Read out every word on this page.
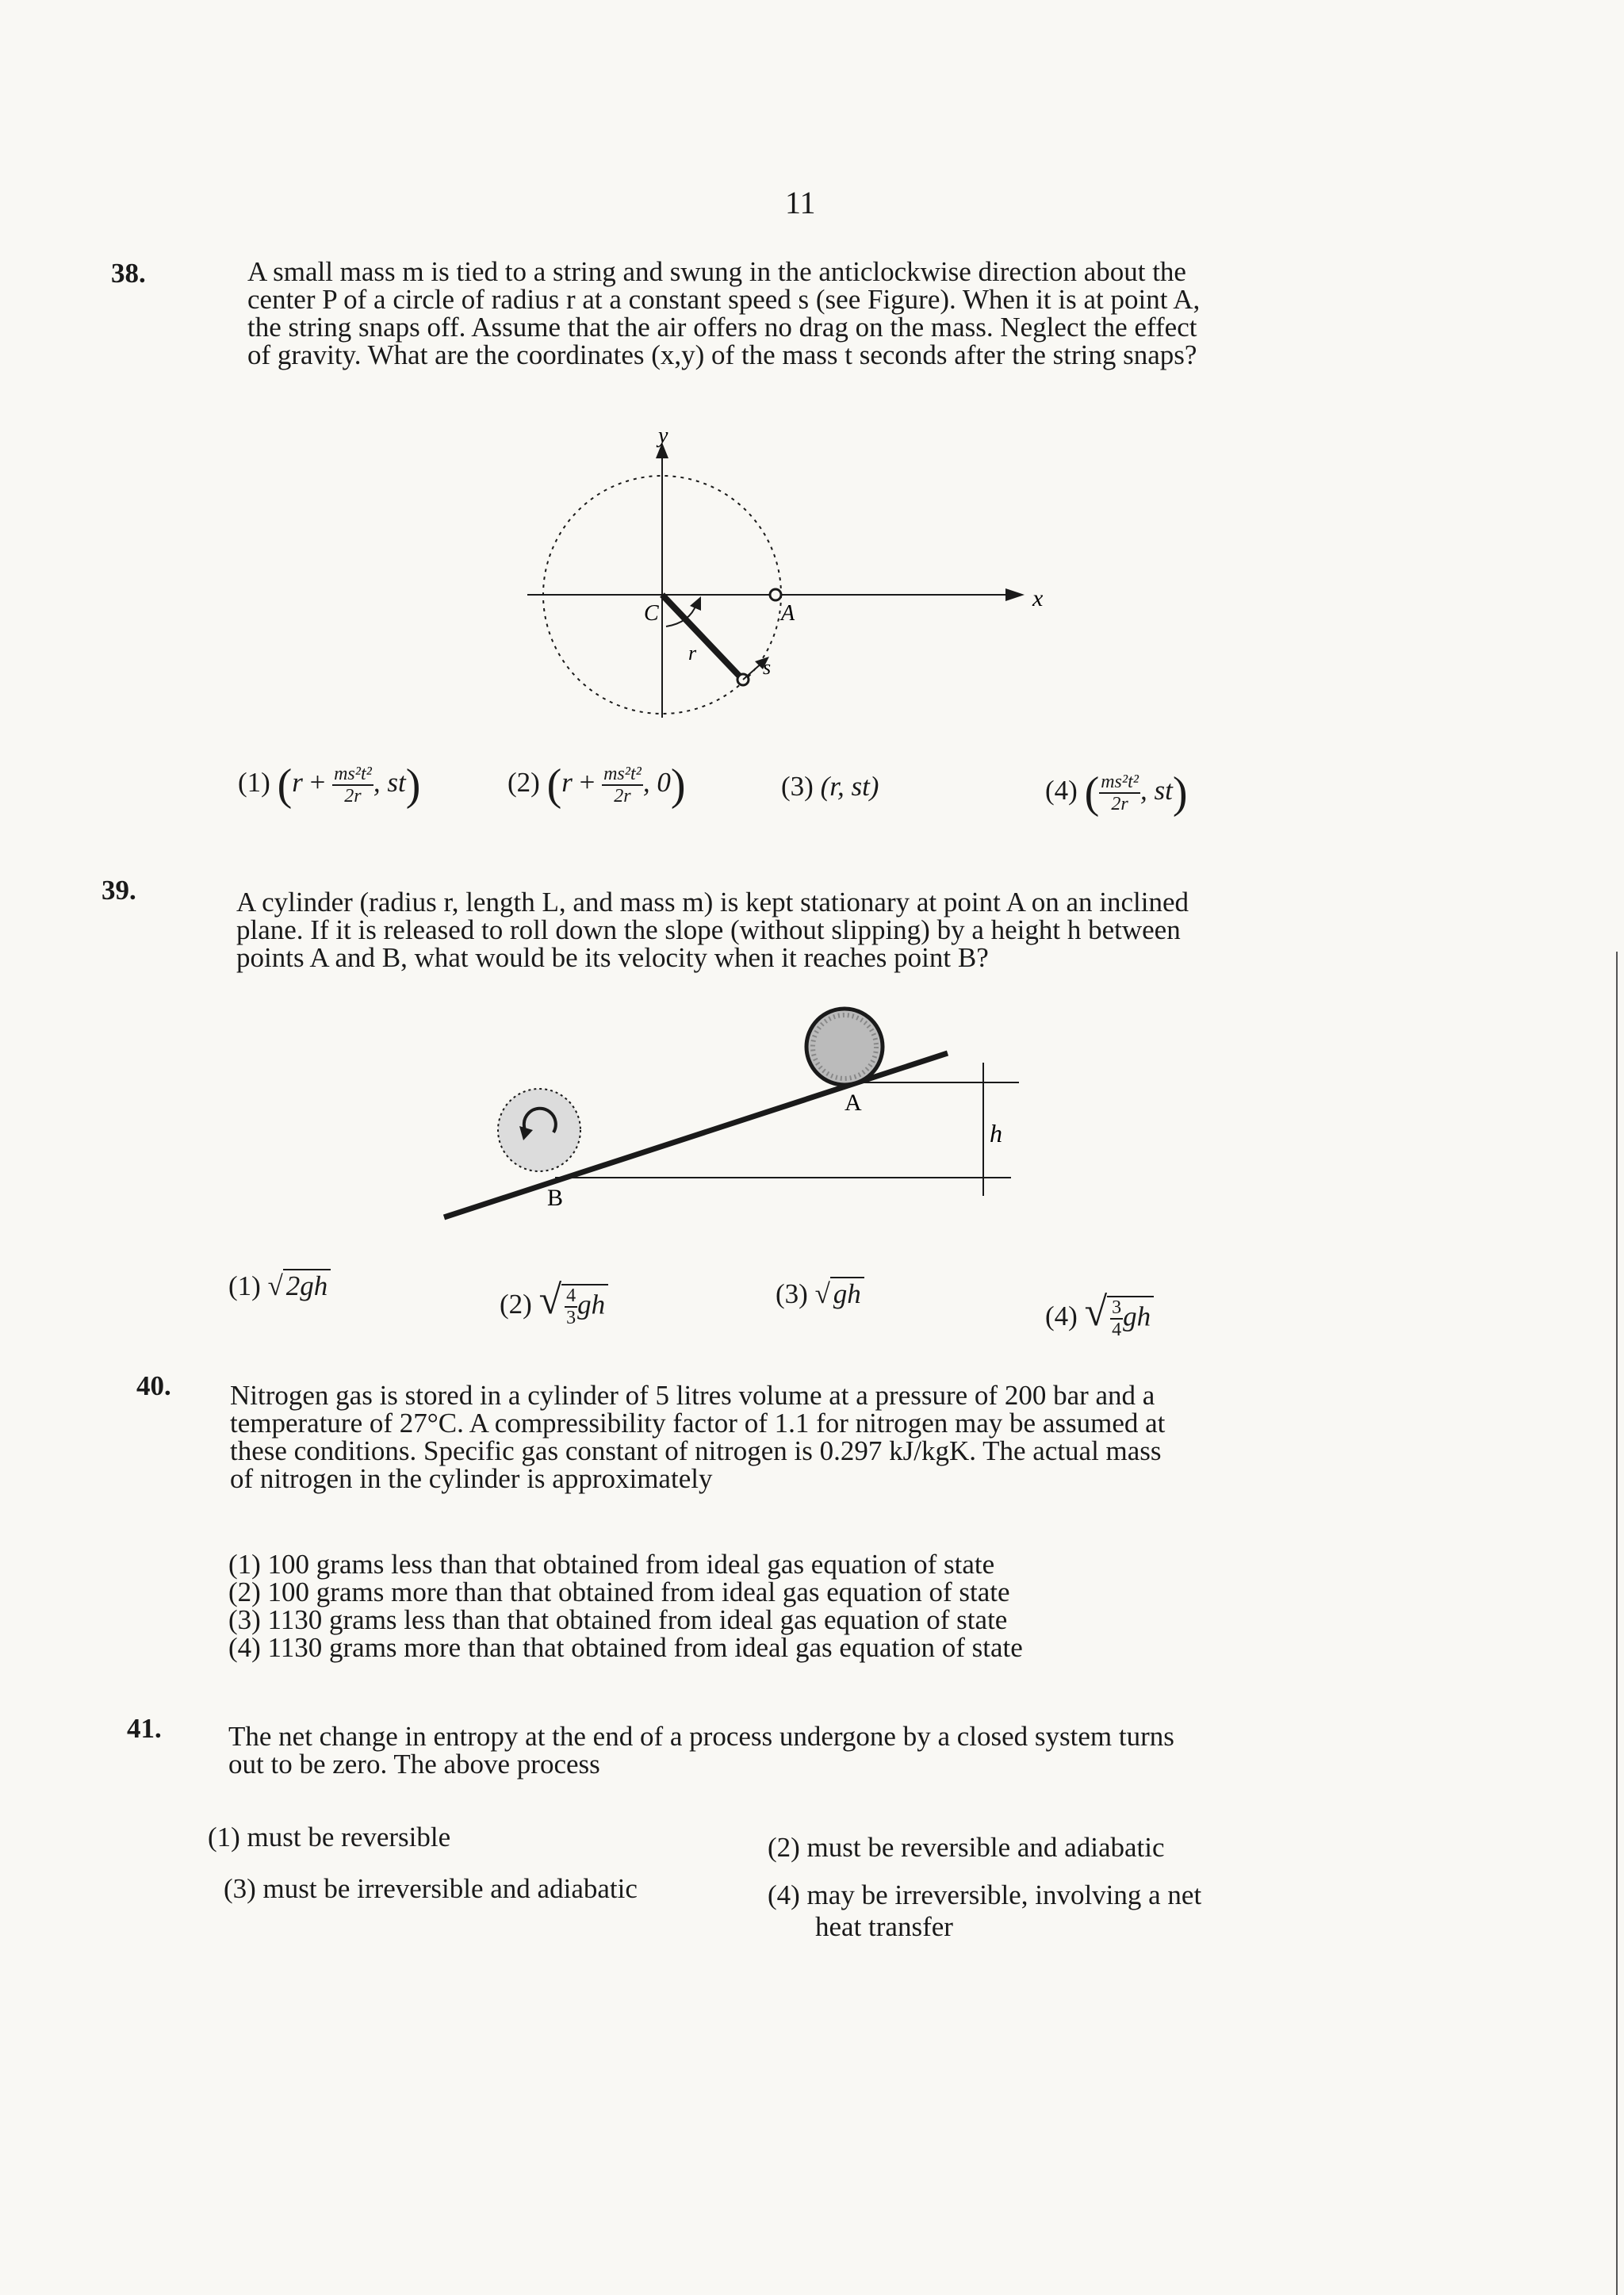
11
38.	A small mass m is tied to a string and swung in the anticlockwise direction about the
center P of a circle of radius r at a constant speed s (see Figure). When it is at point A,
the string snaps off. Assume that the air offers no drag on the mass. Neglect the effect
of gravity. What are the coordinates (x,y) of the mass t seconds after the string snaps?
y
x
C	A
r
s
(1) ($r + \frac{\text{ms²t²}}{2r}$ , st)	(2) ($r + \frac{\text{ms²t²}}{2r}$ , 0)	(3) (r, st)	(4) ( $\frac{\text{ms²t²}}{2r}$ , st)
39.	A cylinder (radius r, length L, and mass m) is kept stationary at point A on an inclined
plane. If it is released to roll down the slope (without slipping) by a height h between
points A and B, what would be its velocity when it reaches point B?
h
A
B
(1) √ 2gh
(2) √ $\frac{4}{3}$ gh	(3) √ gh
(4) √ $\frac{3}{4}$ gh
40. Nitrogen gas is stored in a cylinder of 5 litres volume at a pressure of 200 bar and a
temperature of 27°C. A compressibility factor of 1.1 for nitrogen may be assumed at
these conditions. Specific gas constant of nitrogen is 0.297 kJ/kgK. The actual mass
of nitrogen in the cylinder is approximately
(1) 100 grams less than that obtained from ideal gas equation of state
(2) 100 grams more than that obtained from ideal gas equation of state
(3) 1130 grams less than that obtained from ideal gas equation of state
(4) 1130 grams more than that obtained from ideal gas equation of state
41. The net change in entropy at the end of a process undergone by a closed system turns
out to be zero. The above process
(1) must be reversible	(2) must be reversible and adiabatic
(3) must be irreversible and adiabatic	(4) may be irreversible, involving a net
heat transfer
